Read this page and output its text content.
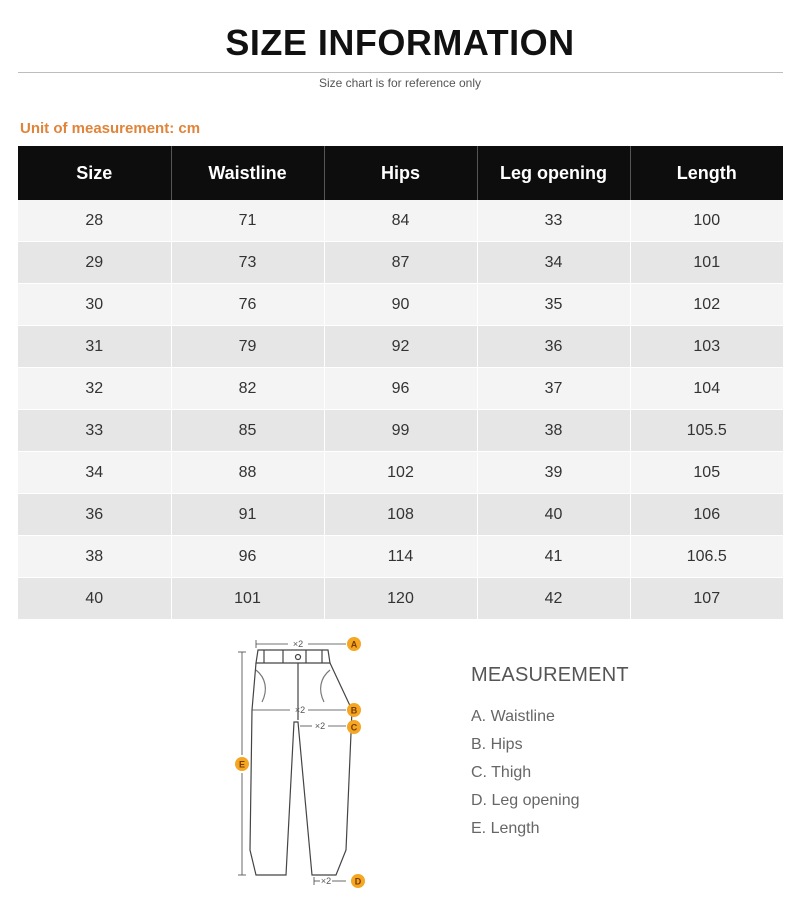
SIZE INFORMATION
Size chart is for reference only
Unit of measurement: cm
Size	Waistline	Hips	Leg opening	Length
28	71	84	33	100
29	73	87	34	101
30	76	90	35	102
31	79	92	36	103
32	82	96	37	104
33	85	99	38	105.5
34	88	102	39	105
36	91	108	40	106
38	96	114	41	106.5
40	101	120	42	107
×2
×2
×2
×2
A
B
C
D
E
MEASUREMENT
A. Waistline
B. Hips
C. Thigh
D. Leg opening
E. Length
